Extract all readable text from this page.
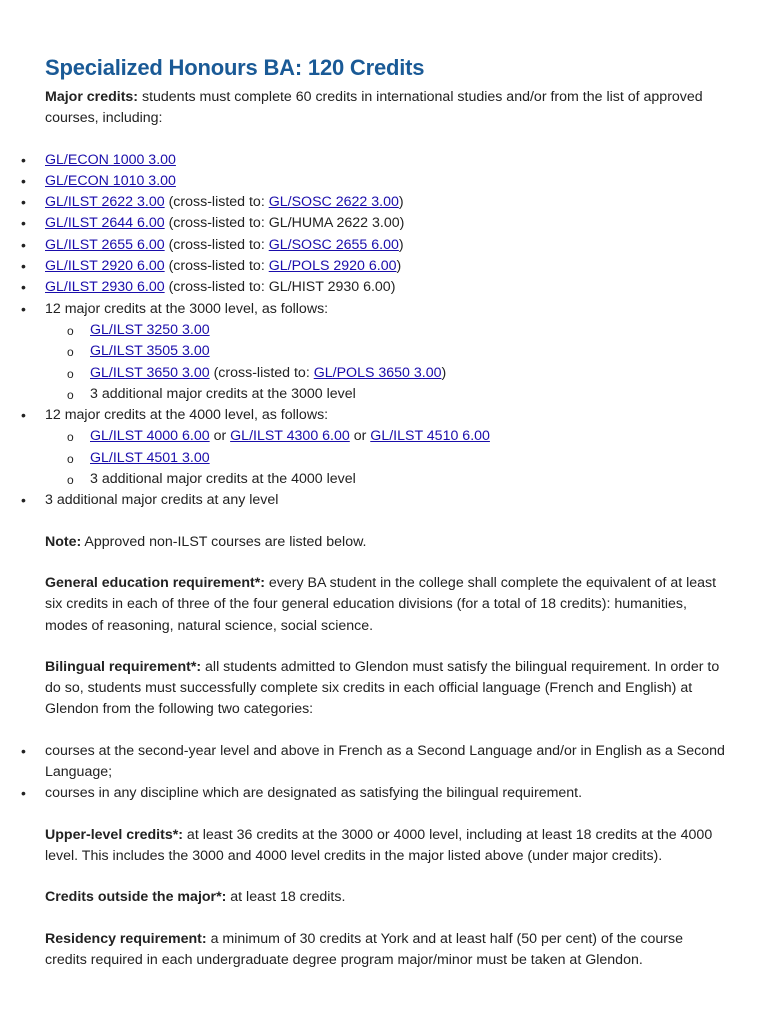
Specialized Honours BA: 120 Credits

Major credits: students must complete 60 credits in international studies and/or from the list of approved courses, including:

•	GL/ECON 1000 3.00
•	GL/ECON 1010 3.00
•	GL/ILST 2622 3.00 (cross-listed to: GL/SOSC 2622 3.00)
•	GL/ILST 2644 6.00 (cross-listed to: GL/HUMA 2622 3.00)
•	GL/ILST 2655 6.00 (cross-listed to: GL/SOSC 2655 6.00)
•	GL/ILST 2920 6.00 (cross-listed to: GL/POLS 2920 6.00)
•	GL/ILST 2930 6.00 (cross-listed to: GL/HIST 2930 6.00)
•	12 major credits at the 3000 level, as follows:
o GL/ILST 3250 3.00
o GL/ILST 3505 3.00
o GL/ILST 3650 3.00 (cross-listed to: GL/POLS 3650 3.00)
o 3 additional major credits at the 3000 level
•	12 major credits at the 4000 level, as follows:
o GL/ILST 4000 6.00 or GL/ILST 4300 6.00 or GL/ILST 4510 6.00
o GL/ILST 4501 3.00
o 3 additional major credits at the 4000 level
•	3 additional major credits at any level

Note: Approved non-ILST courses are listed below.

General education requirement*: every BA student in the college shall complete the equivalent of at least six credits in each of three of the four general education divisions (for a total of 18 credits): humanities, modes of reasoning, natural science, social science.

Bilingual requirement*: all students admitted to Glendon must satisfy the bilingual requirement. In order to do so, students must successfully complete six credits in each official language (French and English) at Glendon from the following two categories:

•	courses at the second-year level and above in French as a Second Language and/or in English as a Second Language;
•	courses in any discipline which are designated as satisfying the bilingual requirement.

Upper-level credits*: at least 36 credits at the 3000 or 4000 level, including at least 18 credits at the 4000 level. This includes the 3000 and 4000 level credits in the major listed above (under major credits).

Credits outside the major*: at least 18 credits.

Residency requirement: a minimum of 30 credits at York and at least half (50 per cent) of the course credits required in each undergraduate degree program major/minor must be taken at Glendon.
